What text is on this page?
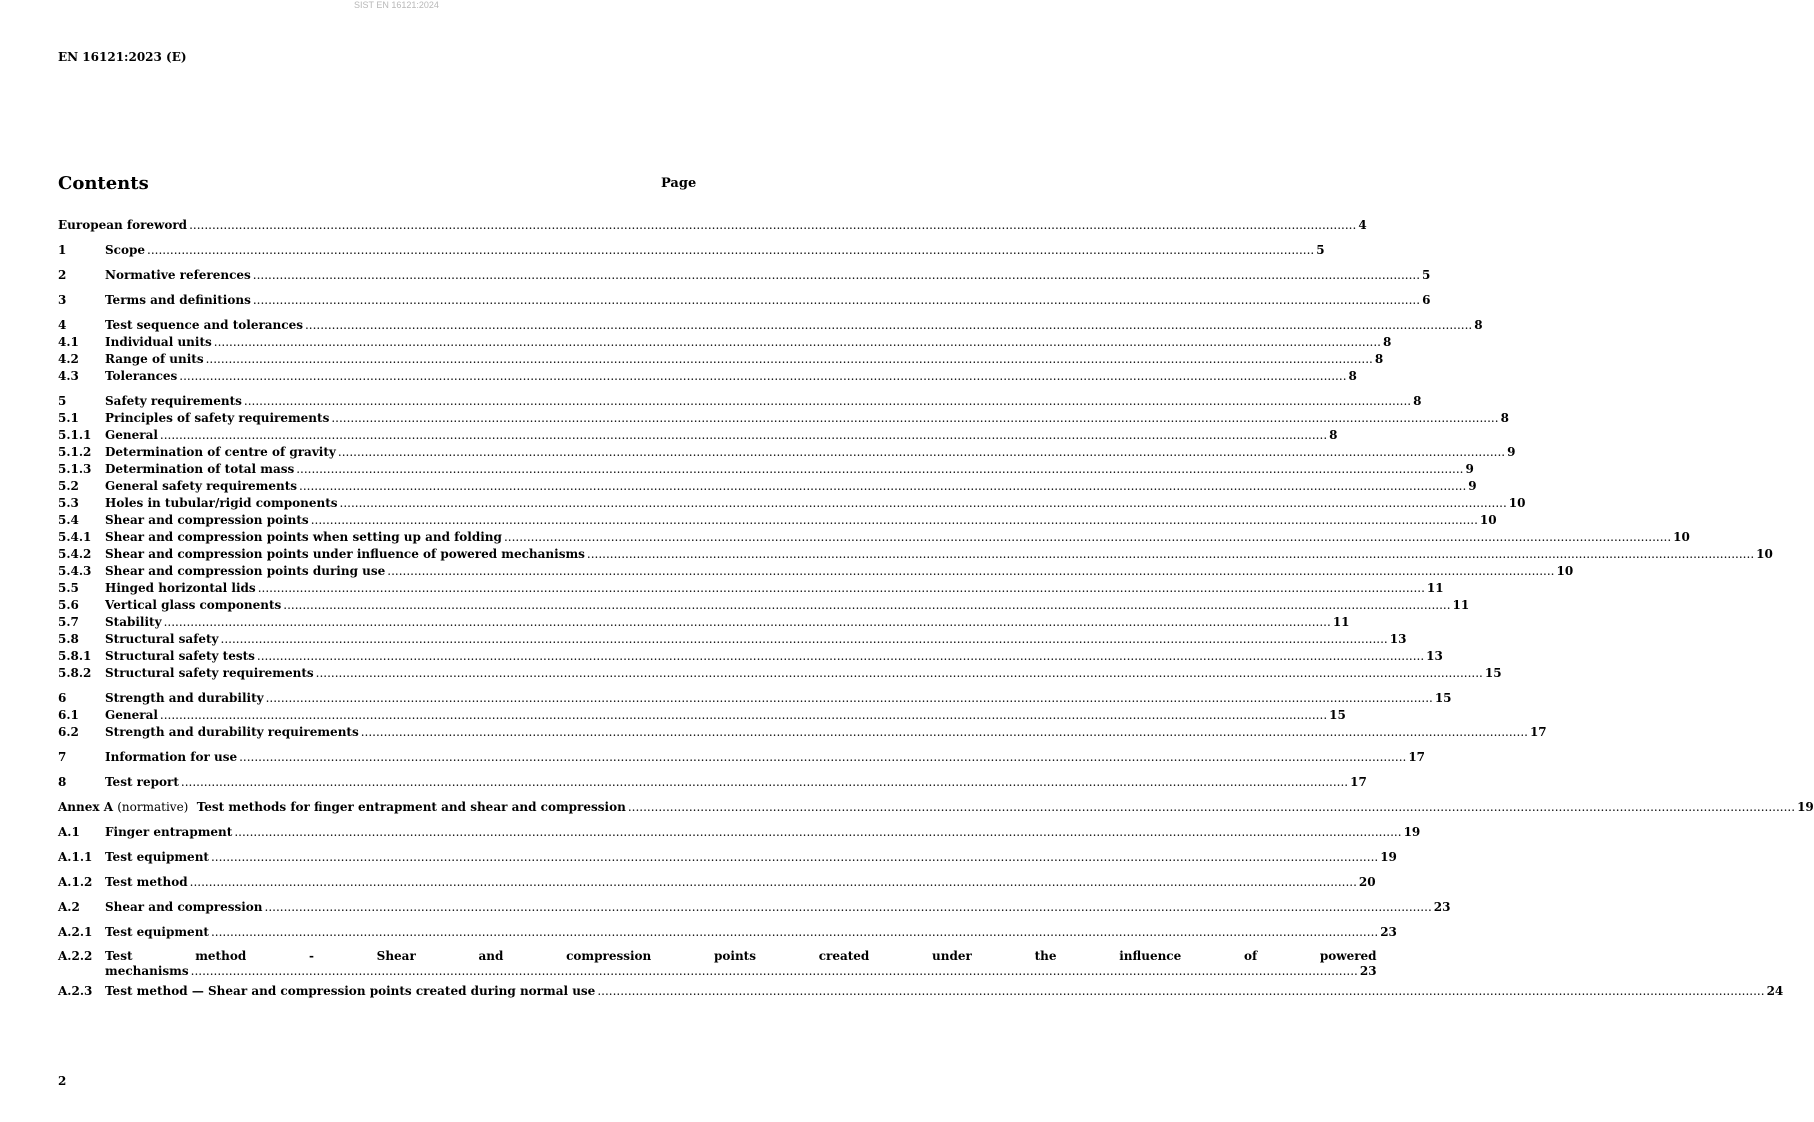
SIST EN 16121:2024
EN 16121:2023 (E)
Contents	Page
European foreword .....	4
1	Scope .....	5
2	Normative references .....	5
3	Terms and definitions .....	6
4	Test sequence and tolerances .....	8
4.1	Individual units .....	8
4.2	Range of units .....	8
4.3	Tolerances .....	8
5	Safety requirements .....	8
5.1	Principles of safety requirements .....	8
5.1.1	General .....	8
5.1.2	Determination of centre of gravity .....	9
5.1.3	Determination of total mass .....	9
5.2	General safety requirements .....	9
5.3	Holes in tubular/rigid components .....	10
5.4	Shear and compression points .....	10
5.4.1	Shear and compression points when setting up and folding .....	10
5.4.2	Shear and compression points under influence of powered mechanisms .....	10
5.4.3	Shear and compression points during use .....	10
5.5	Hinged horizontal lids .....	11
5.6	Vertical glass components .....	11
5.7	Stability .....	11
5.8	Structural safety .....	13
5.8.1	Structural safety tests .....	13
5.8.2	Structural safety requirements .....	15
6	Strength and durability .....	15
6.1	General .....	15
6.2	Strength and durability requirements .....	17
7	Information for use .....	17
8	Test report .....	17
Annex A (normative) Test methods for finger entrapment and shear and compression .....	19
A.1	Finger entrapment .....	19
A.1.1	Test equipment .....	19
A.1.2	Test method .....	20
A.2	Shear and compression .....	23
A.2.1	Test equipment .....	23
A.2.2	Test method - Shear and compression points created under the influence of powered
mechanisms .....	23
A.2.3	Test method — Shear and compression points created during normal use .....	24
2
